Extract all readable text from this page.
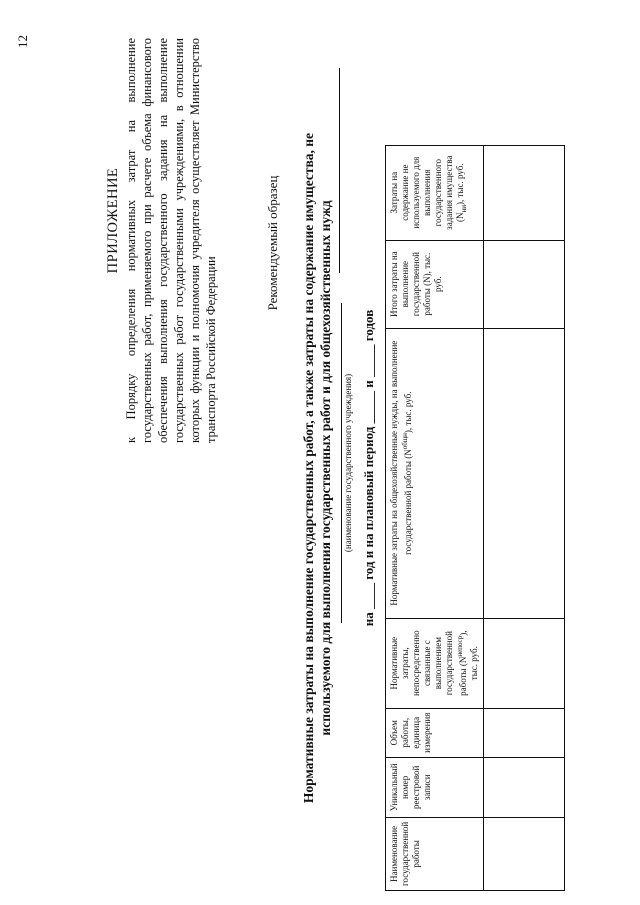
12
ПРИЛОЖЕНИЕ к Порядку определения нормативных затрат на выполнение государственных работ, применяемого при расчете объема финансового обеспечения выполнения государственного задания на выполнение государственных работ государственными учреждениями, в отношении которых функции и полномочия учредителя осуществляет Министерство транспорта Российской Федерации
Рекомендуемый образец Нормативные затраты на выполнение государственных работ, а также затраты на содержание имущества, не используемого для выполнения государственных работ и для общехозяйственных нужд (наименование государственного учреждения) на ____ год и на плановый период _____ и _____ годов
Наименование государственной работы	Уникальный номер реестровой записи	Объем работы, единица измерения	Нормативные затраты, непосредственно связанные с выполнением государственной работы $(N^{непоср})$, тыс. руб.	Нормативные затраты на общехозяйственные нужды, на выполнение государственной работы $(N^{общн})$, тыс. руб.	Итого затраты на выполнение государственной работы (N), тыс. руб.	Затраты на содержание не используемого для выполнения государственного задания имущества $(N_{ни})$, тыс. руб.
